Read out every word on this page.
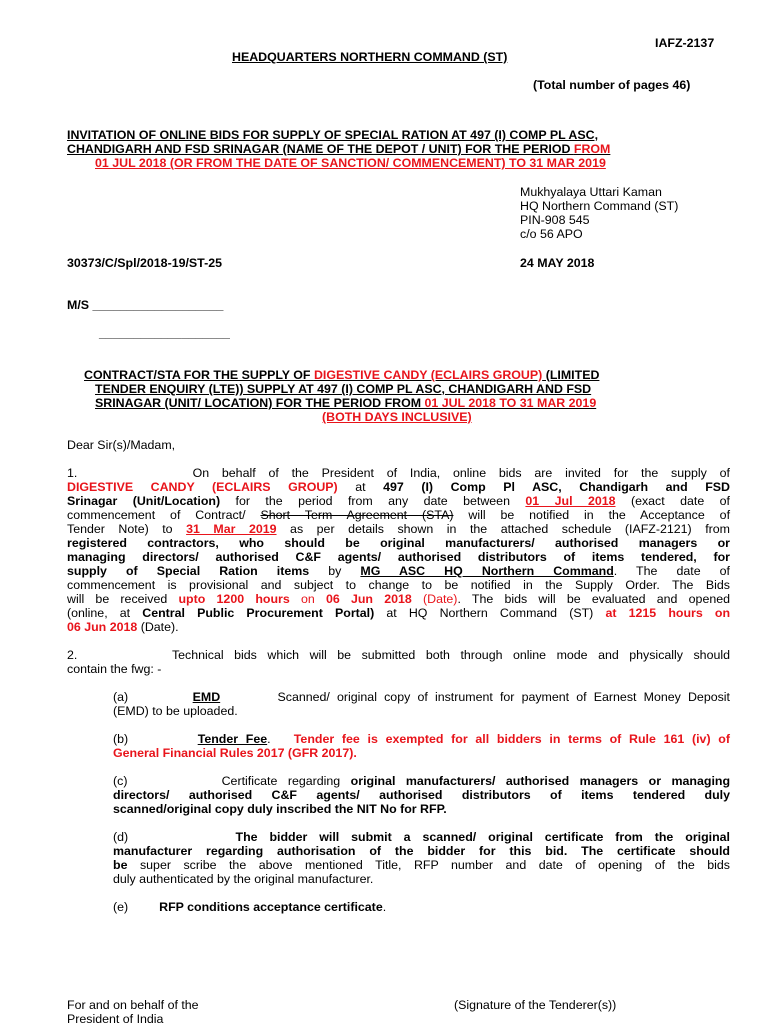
IAFZ-2137
HEADQUARTERS NORTHERN COMMAND (ST)
(Total number of pages 46)
INVITATION OF ONLINE BIDS FOR SUPPLY OF SPECIAL RATION AT 497 (I) COMP PL ASC,
CHANDIGARH AND FSD SRINAGAR (NAME OF THE DEPOT / UNIT) FOR THE PERIOD FROM
01 JUL 2018 (OR FROM THE DATE OF SANCTION/ COMMENCEMENT) TO 31 MAR 2019
Mukhyalaya Uttari Kaman
HQ Northern Command (ST)
PIN-908 545
c/o 56 APO
30373/C/Spl/2018-19/ST-25	24 MAY 2018
M/S ___________________
___________________
CONTRACT/STA FOR THE SUPPLY OF DIGESTIVE CANDY (ECLAIRS GROUP) (LIMITED
TENDER ENQUIRY (LTE)) SUPPLY AT 497 (I) COMP PL ASC, CHANDIGARH AND FSD
SRINAGAR (UNIT/ LOCATION) FOR THE PERIOD FROM 01 JUL 2018 TO 31 MAR 2019
(BOTH DAYS INCLUSIVE)
Dear Sir(s)/Madam,
1.	On behalf of the President of India, online bids are invited for the supply of
DIGESTIVE CANDY (ECLAIRS GROUP) at 497 (I) Comp Pl ASC, Chandigarh and FSD
Srinagar (Unit/Location) for the period from any date between 01 Jul 2018 (exact date of
commencement of Contract/ Short Term Agreement (STA) will be notified in the Acceptance of
Tender Note) to 31 Mar 2019 as per details shown in the attached schedule (IAFZ-2121) from
registered contractors, who should be original manufacturers/ authorised managers or
managing directors/ authorised C&F agents/ authorised distributors of items tendered, for
supply of Special Ration items by MG ASC HQ Northern Command. The date of
commencement is provisional and subject to change to be notified in the Supply Order. The Bids
will be received upto 1200 hours on 06 Jun 2018 (Date). The bids will be evaluated and opened
(online, at Central Public Procurement Portal) at HQ Northern Command (ST) at 1215 hours on
06 Jun 2018 (Date).
2.	Technical bids which will be submitted both through online mode and physically should
contain the fwg: -
(a)	EMD	Scanned/ original copy of instrument for payment of Earnest Money Deposit
(EMD) to be uploaded.
(b)	Tender Fee.   Tender fee is exempted for all bidders in terms of Rule 161 (iv) of
General Financial Rules 2017 (GFR 2017).
(c)	Certificate regarding original manufacturers/ authorised managers or managing
directors/ authorised C&F agents/ authorised distributors of items tendered duly
scanned/original copy duly inscribed the NIT No for RFP.
(d)	The bidder will submit a scanned/ original certificate from the original
manufacturer regarding authorisation of the bidder for this bid. The certificate should
be super scribe the above mentioned Title, RFP number and date of opening of the bids
duly authenticated by the original manufacturer.
(e) RFP conditions acceptance certificate.
For and on behalf of the
President of India
(Signature of the Tenderer(s))
